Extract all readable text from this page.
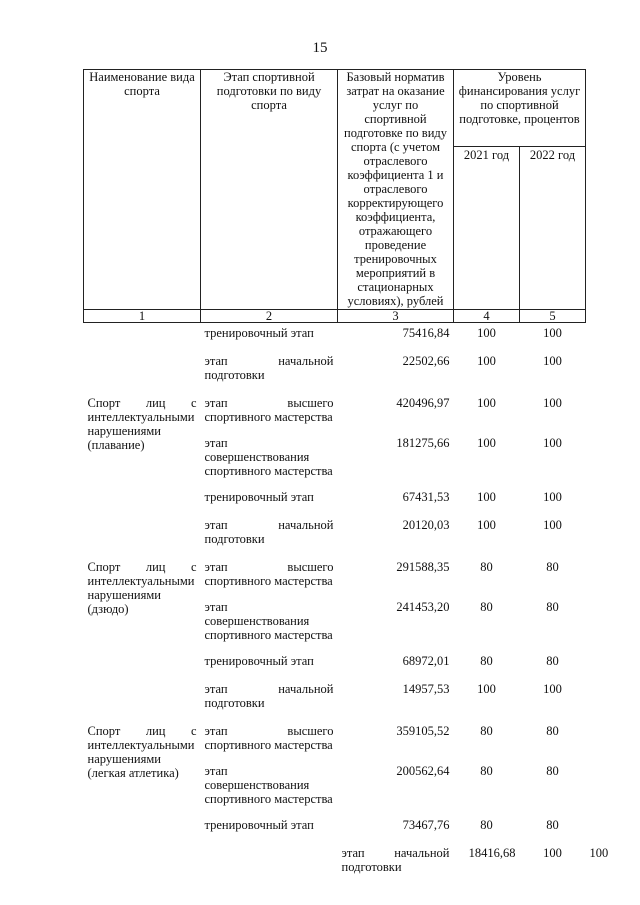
15
Наименование вида спорта	Этап спортивной подготовки по виду спорта	Базовый норматив затрат на оказание услуг по спортивной подготовке по виду спорта (с учетом отраслевого коэффициента 1 и отраслевого корректирующего коэффициента, отражающего проведение тренировочных мероприятий в стационарных условиях), рублей	Уровень финансирования услуг по спортивной подготовке, процентов		
			2021 год	2022 год	
1	2	3	4	5	
	тренировочный этап	75416,84	100	100	
	этап начальной подготовки	22502,66	100	100	
Спорт лиц с интеллектуальными нарушениями (плавание)	этап высшего спортивного мастерства	420496,97	100	100	
	этап совершенствования спортивного мастерства	181275,66	100	100	
	тренировочный этап	67431,53	100	100	
	этап начальной подготовки	20120,03	100	100	
Спорт лиц с интеллектуальными нарушениями (дзюдо)	этап высшего спортивного мастерства	291588,35	80	80	
	этап совершенствования спортивного мастерства	241453,20	80	80	
	тренировочный этап	68972,01	80	80	
	этап начальной подготовки	14957,53	100	100	
Спорт лиц с интеллектуальными нарушениями (легкая атлетика)	этап высшего спортивного мастерства	359105,52	80	80	
	этап совершенствования спортивного мастерства	200562,64	80	80	
	тренировочный этап	73467,76	80	80	
		этап начальной подготовки	18416,68	100	100
